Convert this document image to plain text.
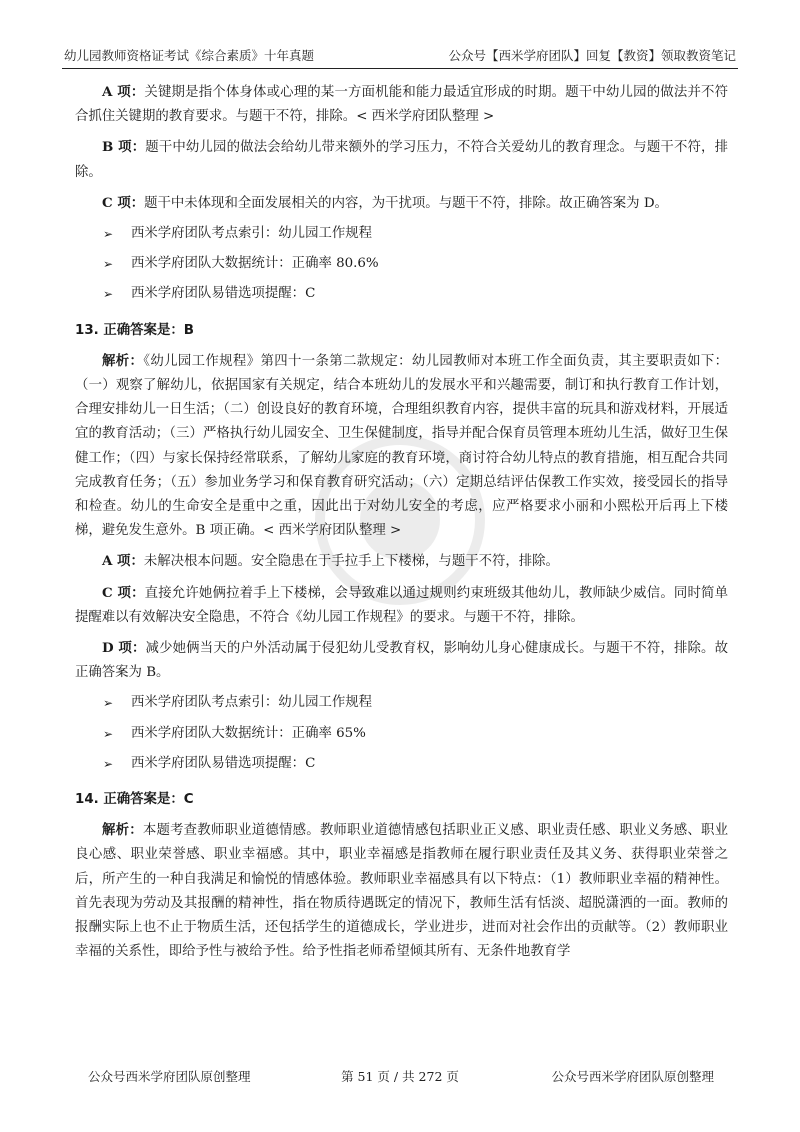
幼儿园教师资格证考试《综合素质》十年真题	公众号【西米学府团队】回复【教资】领取教资笔记

A 项：关键期是指个体身体或心理的某一方面机能和能力最适宜形成的时期。题干中幼儿园的做法并不符合抓住关键期的教育要求。与题干不符，排除。< 西米学府团队整理 >

B 项：题干中幼儿园的做法会给幼儿带来额外的学习压力，不符合关爱幼儿的教育理念。与题干不符，排除。

C 项：题干中未体现和全面发展相关的内容，为干扰项。与题干不符，排除。故正确答案为 D。

➢ 西米学府团队考点索引：幼儿园工作规程
➢ 西米学府团队大数据统计：正确率 80.6%
➢ 西米学府团队易错选项提醒：C
13. 正确答案是：B

解析：《幼儿园工作规程》第四十一条第二款规定：幼儿园教师对本班工作全面负责，其主要职责如下：（一）观察了解幼儿，依据国家有关规定，结合本班幼儿的发展水平和兴趣需要，制订和执行教育工作计划，合理安排幼儿一日生活；（二）创设良好的教育环境，合理组织教育内容，提供丰富的玩具和游戏材料，开展适宜的教育活动；（三）严格执行幼儿园安全、卫生保健制度，指导并配合保育员管理本班幼儿生活，做好卫生保健工作；（四）与家长保持经常联系，了解幼儿家庭的教育环境，商讨符合幼儿特点的教育措施，相互配合共同完成教育任务；（五）参加业务学习和保育教育研究活动；（六）定期总结评估保教工作实效，接受园长的指导和检查。幼儿的生命安全是重中之重，因此出于对幼儿安全的考虑，应严格要求小丽和小熙松开后再上下楼梯，避免发生意外。B 项正确。< 西米学府团队整理 >

A 项：未解决根本问题。安全隐患在于手拉手上下楼梯，与题干不符，排除。

C 项：直接允许她俩拉着手上下楼梯，会导致难以通过规则约束班级其他幼儿，教师缺少威信。同时简单提醒难以有效解决安全隐患，不符合《幼儿园工作规程》的要求。与题干不符，排除。

D 项：减少她俩当天的户外活动属于侵犯幼儿受教育权，影响幼儿身心健康成长。与题干不符，排除。故正确答案为 B。

➢ 西米学府团队考点索引：幼儿园工作规程
➢ 西米学府团队大数据统计：正确率 65%
➢ 西米学府团队易错选项提醒：C
14. 正确答案是：C

解析：本题考查教师职业道德情感。教师职业道德情感包括职业正义感、职业责任感、职业义务感、职业良心感、职业荣誉感、职业幸福感。其中，职业幸福感是指教师在履行职业责任及其义务、获得职业荣誉之后，所产生的一种自我满足和愉悦的情感体验。教师职业幸福感具有以下特点：（1）教师职业幸福的精神性。首先表现为劳动及其报酬的精神性，指在物质待遇既定的情况下，教师生活有恬淡、超脱潇洒的一面。教师的报酬实际上也不止于物质生活，还包括学生的道德成长，学业进步，进而对社会作出的贡献等。（2）教师职业幸福的关系性，即给予性与被给予性。给予性指老师希望倾其所有、无条件地教育学

公众号西米学府团队原创整理	第 51 页 / 共 272 页	公众号西米学府团队原创整理
